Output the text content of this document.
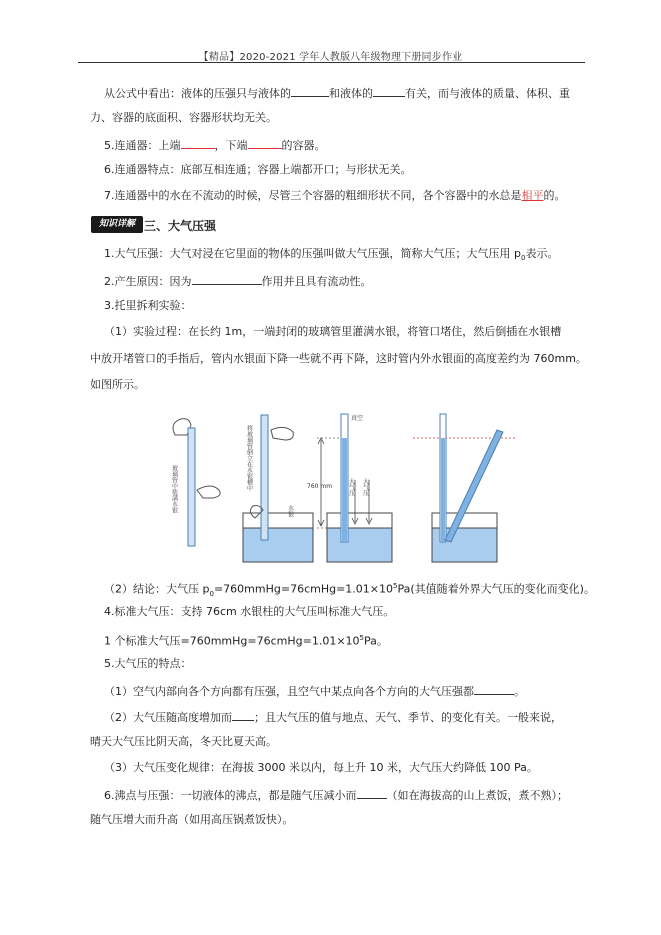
【精品】2020-2021 学年人教版八年级物理下册同步作业
从公式中看出：液体的压强只与液体的	和液体的	有关，而与液体的质量、体积、重
力、容器的底面积、容器形状均无关。
5.连通器：上端	，下端	的容器。
6.连通器特点：底部互相连通；容器上端都开口；与形状无关。
7.连通器中的水在不流动的时候，尽管三个容器的粗细形状不同，各个容器中的水总是相平的。
知识详解 三、大气压强
1.大气压强：大气对浸在它里面的物体的压强叫做大气压强，简称大气压；大气压用 $p_0$表示。
2.产生原因：因为	作用并且具有流动性。
3.托里拆利实验：
（1）实验过程：在长约 1m，一端封闭的玻璃管里灌满水银，将管口堵住，然后倒插在水银槽
中放开堵管口的手指后，管内水银面下降一些就不再下降，这时管内外水银面的高度差约为 760mm。
如图所示。
玻璃管中装满水银	将玻璃管倒立在水银槽中
水银
760 mm
真空
大气压 大气压
（2）结论：大气压 $p_0=760mmHg=76cmHg=1.01\times 10^5Pa$(其值随着外界大气压的变化而变化)。
4.标准大气压：支持 76cm 水银柱的大气压叫标准大气压。
1 个标准大气压$=760mmHg=76cmHg=1.01\times 10^5Pa$。
5.大气压的特点：
（1）空气内部向各个方向都有压强，且空气中某点向各个方向的大气压强都	。
（2）大气压随高度增加而 ；且大气压的值与地点、天气、季节、的变化有关。一般来说，
晴天大气压比阴天高，冬天比夏天高。
（3）大气压变化规律：在海拔 3000 米以内，每上升 10 米，大气压大约降低 100 Pa。
6.沸点与压强：一切液体的沸点，都是随气压减小而	（如在海拔高的山上煮饭，煮不熟）；
随气压增大而升高（如用高压锅煮饭快）。
